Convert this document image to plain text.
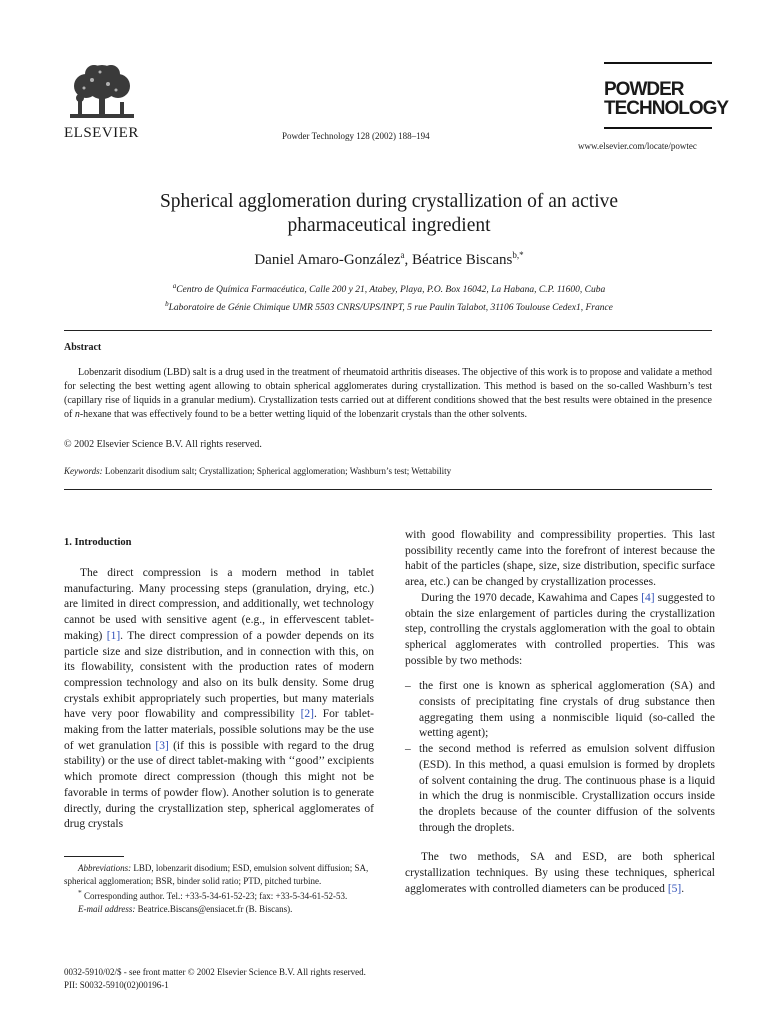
ELSEVIER	Powder Technology 128 (2002) 188–194
POWDER
TECHNOLOGY
www.elsevier.com/locate/powtec
Spherical agglomeration during crystallization of an active
pharmaceutical ingredient
Daniel Amaro-González$^a$, Béatrice Biscans$^{b,*}$
$^a$Centro de Química Farmacéutica, Calle 200 y 21, Atabey, Playa, P.O. Box 16042, La Habana, C.P. 11600, Cuba
$^b$Laboratoire de Génie Chimique UMR 5503 CNRS/UPS/INPT, 5 rue Paulin Talabot, 31106 Toulouse Cedex1, France
Abstract
Lobenzarit disodium (LBD) salt is a drug used in the treatment of rheumatoid arthritis diseases. The objective of this work is to propose and validate a method for selecting the best wetting agent allowing to obtain spherical agglomerates during crystallization. This method is based on the so-called Washburn’s test (capillary rise of liquids in a granular medium). Crystallization tests carried out at different conditions showed that the best results were obtained in the presence of n-hexane that was effectively found to be a better wetting liquid of the lobenzarit crystals than the other solvents.
© 2002 Elsevier Science B.V. All rights reserved.
Keywords: Lobenzarit disodium salt; Crystallization; Spherical agglomeration; Washburn’s test; Wettability
1. Introduction

The direct compression is a modern method in tablet manufacturing. Many processing steps (granulation, drying, etc.) are limited in direct compression, and additionally, wet technology cannot be used with sensitive agent (e.g., in effervescent tablet-making) [1]. The direct compression of a powder depends on its particle size and size distribution, and in connection with this, on its flowability, consistent with the production rates of modern compression technology and also on its bulk density. Some drug crystals exhibit appropriately such properties, but many materials have very poor flowability and compressibility [2]. For tablet-making from the latter materials, possible solutions may be the use of wet granulation [3] (if this is possible with regard to the drug stability) or the use of direct tablet-making with ‘‘good’’ excipients which promote direct compression (though this might not be favorable in terms of powder flow). Another solution is to generate directly, during the crystallization step, spherical agglomerates of drug crystals

with good flowability and compressibility properties. This last possibility recently came into the forefront of interest because the habit of the particles (shape, size, size distribution, specific surface area, etc.) can be changed by crystallization processes.

During the 1970 decade, Kawahima and Capes [4] suggested to obtain the size enlargement of particles during the crystallization step, controlling the crystals agglomeration with the goal to obtain spherical agglomerates with controlled properties. This was possible by two methods:

– the first one is known as spherical agglomeration (SA) and consists of precipitating fine crystals of drug substance then aggregating them using a nonmiscible liquid (so-called the wetting agent);
– the second method is referred as emulsion solvent diffusion (ESD). In this method, a quasi emulsion is formed by droplets of solvent containing the drug. The continuous phase is a liquid in which the drug is nonmiscible. Crystallization occurs inside the droplets because of the counter diffusion of the solvents through the droplets.

The two methods, SA and ESD, are both spherical crystallization techniques. By using these techniques, spherical agglomerates with controlled diameters can be produced [5].

Abbreviations: LBD, lobenzarit disodium; ESD, emulsion solvent diffusion; SA, spherical agglomeration; BSR, binder solid ratio; PTD, pitched turbine.

* Corresponding author. Tel.: +33-5-34-61-52-23; fax: +33-5-34-61-52-53.

E-mail address: Beatrice.Biscans@ensiacet.fr (B. Biscans).

0032-5910/02/$ - see front matter © 2002 Elsevier Science B.V. All rights reserved.
PII: S0032-5910(02)00196-1
